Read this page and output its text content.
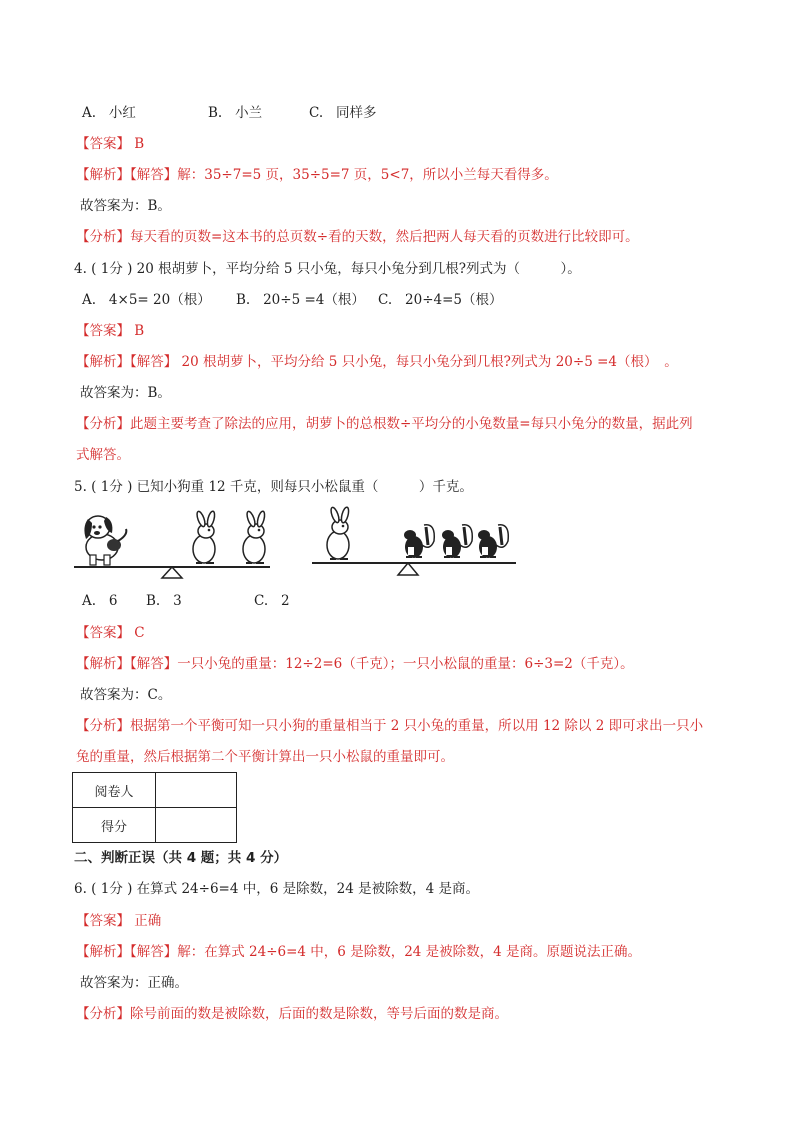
A. 小红	B. 小兰	C. 同样多
【答案】 B
【解析】【解答】解：35÷7=5 页，35÷5=7 页，5<7，所以小兰每天看得多。
故答案为：B。
【分析】每天看的页数=这本书的总页数÷看的天数，然后把两人每天看的页数进行比较即可。
4. ( 1分 ) 20 根胡萝卜，平均分给 5 只小兔，每只小兔分到几根?列式为（　　　）。
A. 4×5= 20（根） B. 20÷5 =4（根） C. 20÷4=5（根）
【答案】 B
【解析】【解答】 20 根胡萝卜，平均分给 5 只小兔，每只小兔分到几根?列式为 20÷5 =4（根）　。
故答案为：B。
【分析】此题主要考查了除法的应用，胡萝卜的总根数÷平均分的小兔数量=每只小兔分的数量，据此列
式解答。
5. ( 1分 ) 已知小狗重 12 千克，则每只小松鼠重（　　　）千克。
A. 6 B. 3	C. 2
【答案】 C
【解析】【解答】一只小兔的重量：12÷2=6（千克）；一只小松鼠的重量：6÷3=2（千克）。
故答案为：C。
【分析】根据第一个平衡可知一只小狗的重量相当于 2 只小兔的重量，所以用 12 除以 2 即可求出一只小
兔的重量，然后根据第二个平衡计算出一只小松鼠的重量即可。
阅卷人	
得分	
二、判断正误（共 4 题；共 4 分）
6. ( 1分 ) 在算式 24÷6=4 中，6 是除数，24 是被除数，4 是商。
【答案】 正确
【解析】【解答】解：在算式 24÷6=4 中，6 是除数，24 是被除数，4 是商。原题说法正确。
故答案为：正确。
【分析】除号前面的数是被除数，后面的数是除数，等号后面的数是商。
